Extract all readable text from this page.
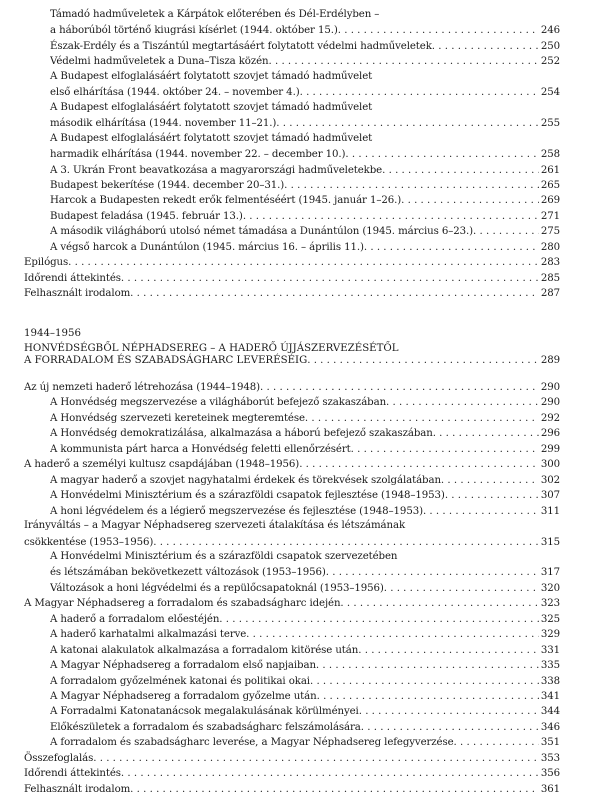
Támadó hadműveletek a Kárpátok előterében és Dél-Erdélyben –
a háborúból történő kiugrási kísérlet (1944. október 15.) . . .	246
Észak-Erdély és a Tiszántúl megtartásáért folytatott védelmi hadműveletek . . .	250
Védelmi hadműveletek a Duna–Tisza közén . . .	252
A Budapest elfoglalásáért folytatott szovjet támadó hadművelet
első elhárítása (1944. október 24. – november 4.) . . .	254
A Budapest elfoglalásáért folytatott szovjet támadó hadművelet
második elhárítása (1944. november 11–21.) . . .	255
A Budapest elfoglalásáért folytatott szovjet támadó hadművelet
harmadik elhárítása (1944. november 22. – december 10.) . . .	258
A 3. Ukrán Front beavatkozása a magyarországi hadműveletekbe . . .	261
Budapest bekerítése (1944. december 20–31.) . . .	265
Harcok a Budapesten rekedt erők felmentéséért (1945. január 1–26.) . . .	269
Budapest feladása (1945. február 13.) . . .	271
A második világháború utolsó német támadása a Dunántúlon (1945. március 6–23.) . . .	275
A végső harcok a Dunántúlon (1945. március 16. – április 11.) . . .	280
Epilógus . . .	283
Időrendi áttekintés . . .	285
Felhasznált irodalom . . .	287
1944–1956
HONVÉDSÉGBŐL NÉPHADSEREG – A HADERŐ ÚJJÁSZERVEZÉSÉTŐL
A FORRADALOM ÉS SZABADSÁGHARC LEVERÉSÉIG . . .	289
Az új nemzeti haderő létrehozása (1944–1948) . . .	290
A Honvédség megszervezése a világháborút befejező szakaszában . . .	290
A Honvédség szervezeti kereteinek megteremtése . . .	292
A Honvédség demokratizálása, alkalmazása a háború befejező szakaszában . . .	296
A kommunista párt harca a Honvédség feletti ellenőrzésért . . .	299
A haderő a személyi kultusz csapdájában (1948–1956) . . .	300
A magyar haderő a szovjet nagyhatalmi érdekek és törekvések szolgálatában . . .	302
A Honvédelmi Minisztérium és a szárazföldi csapatok fejlesztése (1948–1953) . . .	307
A honi légvédelem és a légierő megszervezése és fejlesztése (1948–1953) . . .	311
Irányváltás – a Magyar Néphadsereg szervezeti átalakítása és létszámának
csökkentése (1953–1956) . . .	315
A Honvédelmi Minisztérium és a szárazföldi csapatok szervezetében
és létszámában bekövetkezett változások (1953–1956) . . .	317
Változások a honi légvédelmi és a repülőcsapatoknál (1953–1956) . . .	320
A Magyar Néphadsereg a forradalom és szabadságharc idején . . .	323
A haderő a forradalom előestéjén . . .	325
A haderő karhatalmi alkalmazási terve . . .	329
A katonai alakulatok alkalmazása a forradalom kitörése után . . .	331
A Magyar Néphadsereg a forradalom első napjaiban . . .	335
A forradalom győzelmének katonai és politikai okai . . .	338
A Magyar Néphadsereg a forradalom győzelme után . . .	341
A Forradalmi Katonatanácsok megalakulásának körülményei . . .	344
Előkészületek a forradalom és szabadságharc felszámolására . . .	346
A forradalom és szabadságharc leverése, a Magyar Néphadsereg lefegyverzése . . .	351
Összefoglalás . . .	353
Időrendi áttekintés . . .	356
Felhasznált irodalom . . .	361
